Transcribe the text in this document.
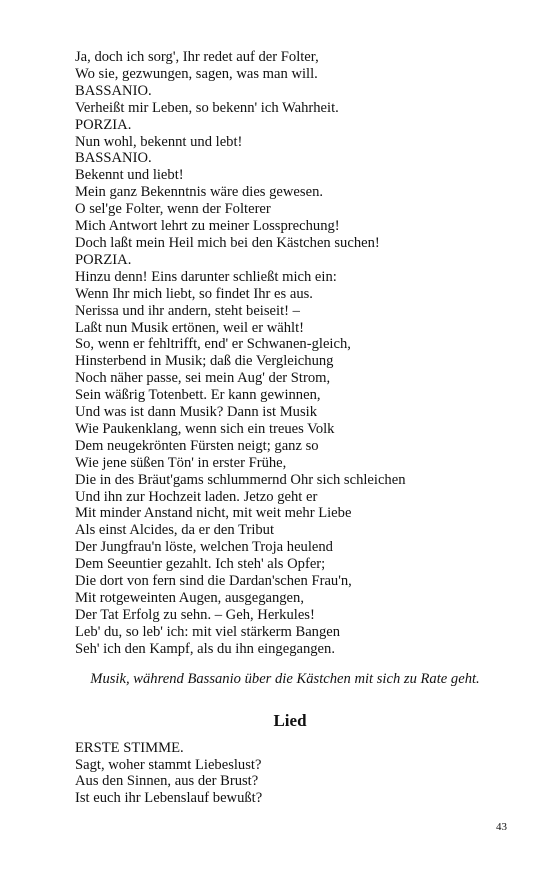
Ja, doch ich sorg', Ihr redet auf der Folter,
Wo sie, gezwungen, sagen, was man will.
BASSANIO.
Verheißt mir Leben, so bekenn' ich Wahrheit.
PORZIA.
Nun wohl, bekennt und lebt!
BASSANIO.
Bekennt und liebt!
Mein ganz Bekenntnis wäre dies gewesen.
O sel'ge Folter, wenn der Folterer
Mich Antwort lehrt zu meiner Lossprechung!
Doch laßt mein Heil mich bei den Kästchen suchen!
PORZIA.
Hinzu denn! Eins darunter schließt mich ein:
Wenn Ihr mich liebt, so findet Ihr es aus.
Nerissa und ihr andern, steht beiseit! –
Laßt nun Musik ertönen, weil er wählt!
So, wenn er fehltrifft, end' er Schwanen-gleich,
Hinsterbend in Musik; daß die Vergleichung
Noch näher passe, sei mein Aug' der Strom,
Sein wäßrig Totenbett. Er kann gewinnen,
Und was ist dann Musik? Dann ist Musik
Wie Paukenklang, wenn sich ein treues Volk
Dem neugekrönten Fürsten neigt; ganz so
Wie jene süßen Tön' in erster Frühe,
Die in des Bräut'gams schlummernd Ohr sich schleichen
Und ihn zur Hochzeit laden. Jetzo geht er
Mit minder Anstand nicht, mit weit mehr Liebe
Als einst Alcides, da er den Tribut
Der Jungfrau'n löste, welchen Troja heulend
Dem Seeuntier gezahlt. Ich steh' als Opfer;
Die dort von fern sind die Dardan'schen Frau'n,
Mit rotgeweinten Augen, ausgegangen,
Der Tat Erfolg zu sehn. – Geh, Herkules!
Leb' du, so leb' ich: mit viel stärkerm Bangen
Seh' ich den Kampf, als du ihn eingegangen.
Musik, während Bassanio über die Kästchen mit sich zu Rate geht.
Lied
ERSTE STIMME.
Sagt, woher stammt Liebeslust?
Aus den Sinnen, aus der Brust?
Ist euch ihr Lebenslauf bewußt?
43
